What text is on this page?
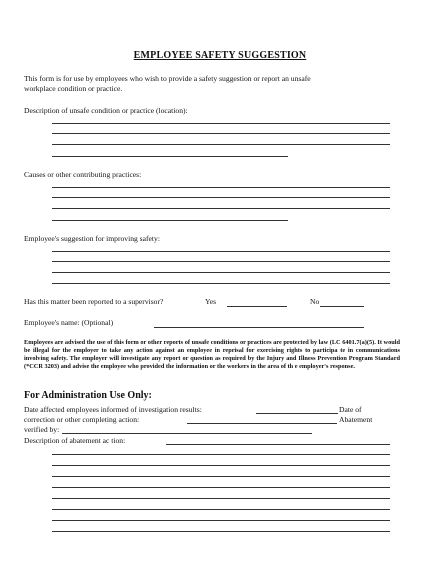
EMPLOYEE SAFETY SUGGESTION
This form is for use by employees who wish to provide a safety suggestion or report an unsafe
workplace condition or practice.
Description of unsafe condition or practice (location):
Causes or other contributing practices:
Employee's suggestion for improving safety:
Has this matter been reported to a supervisor?	Yes	No
Employee's name: (Optional)
Employees are advised the use of this form or other reports of unsafe conditions or practices are protected by law (LC 6401.7(a)(5). It would be illegal for the employer to take any action against an employee in reprisal for exercising rights to participa te in communications involving safety. The employer will investigate any report or question as required by the Injury and Illness Prevention Program Standard (*CCR 3203) and advise the employee who provided the information or the workers in the area of th e employer's response.
For Administration Use Only:
Date affected employees informed of investigation results:	Date of
correction or other completing action:	Abatement
verified by:
Description of abatement ac tion:
